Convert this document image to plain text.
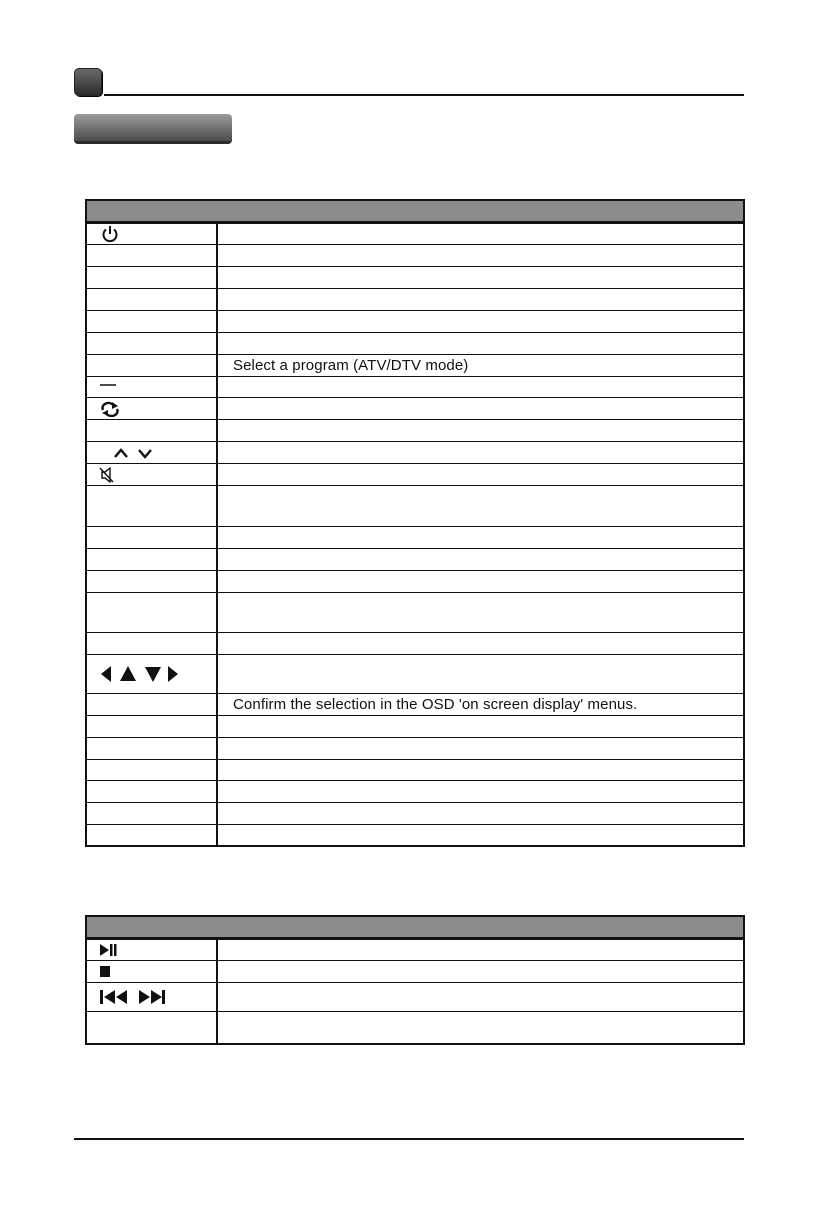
Select a program (ATV/DTV mode)
Confirm the selection in the OSD 'on screen display' menus.
